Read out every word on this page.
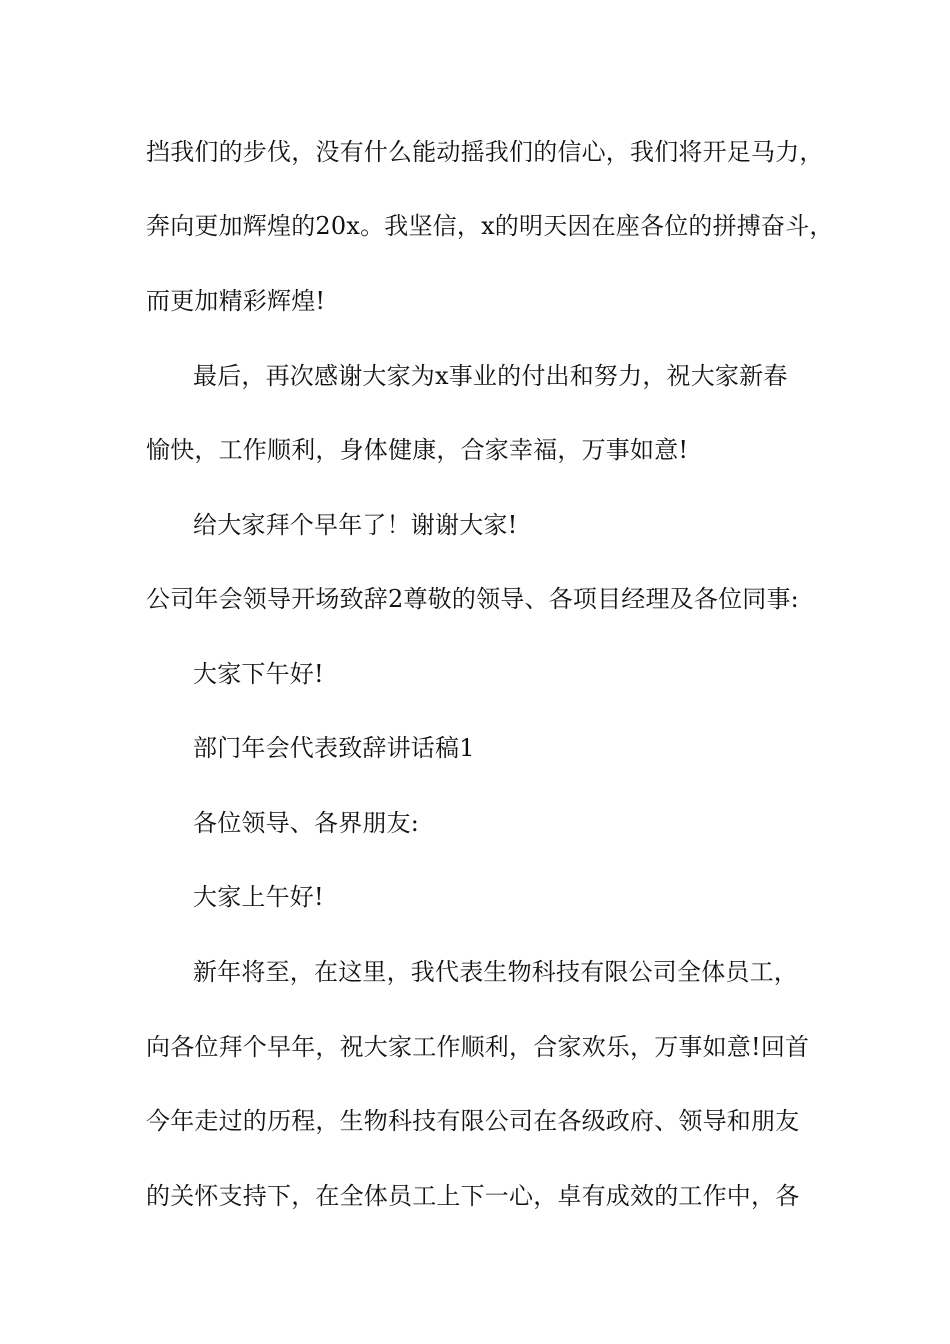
挡我们的步伐，没有什么能动摇我们的信心，我们将开足马力，
奔向更加辉煌的20x。我坚信，x的明天因在座各位的拼搏奋斗，
而更加精彩辉煌!
最后，再次感谢大家为x事业的付出和努力，祝大家新春
愉快，工作顺利，身体健康，合家幸福，万事如意!
给大家拜个早年了！谢谢大家!
公司年会领导开场致辞2尊敬的领导、各项目经理及各位同事:
大家下午好!
部门年会代表致辞讲话稿1
各位领导、各界朋友:
大家上午好!
新年将至，在这里，我代表生物科技有限公司全体员工，
向各位拜个早年，祝大家工作顺利，合家欢乐，万事如意!回首
今年走过的历程，生物科技有限公司在各级政府、领导和朋友
的关怀支持下，在全体员工上下一心，卓有成效的工作中，各
